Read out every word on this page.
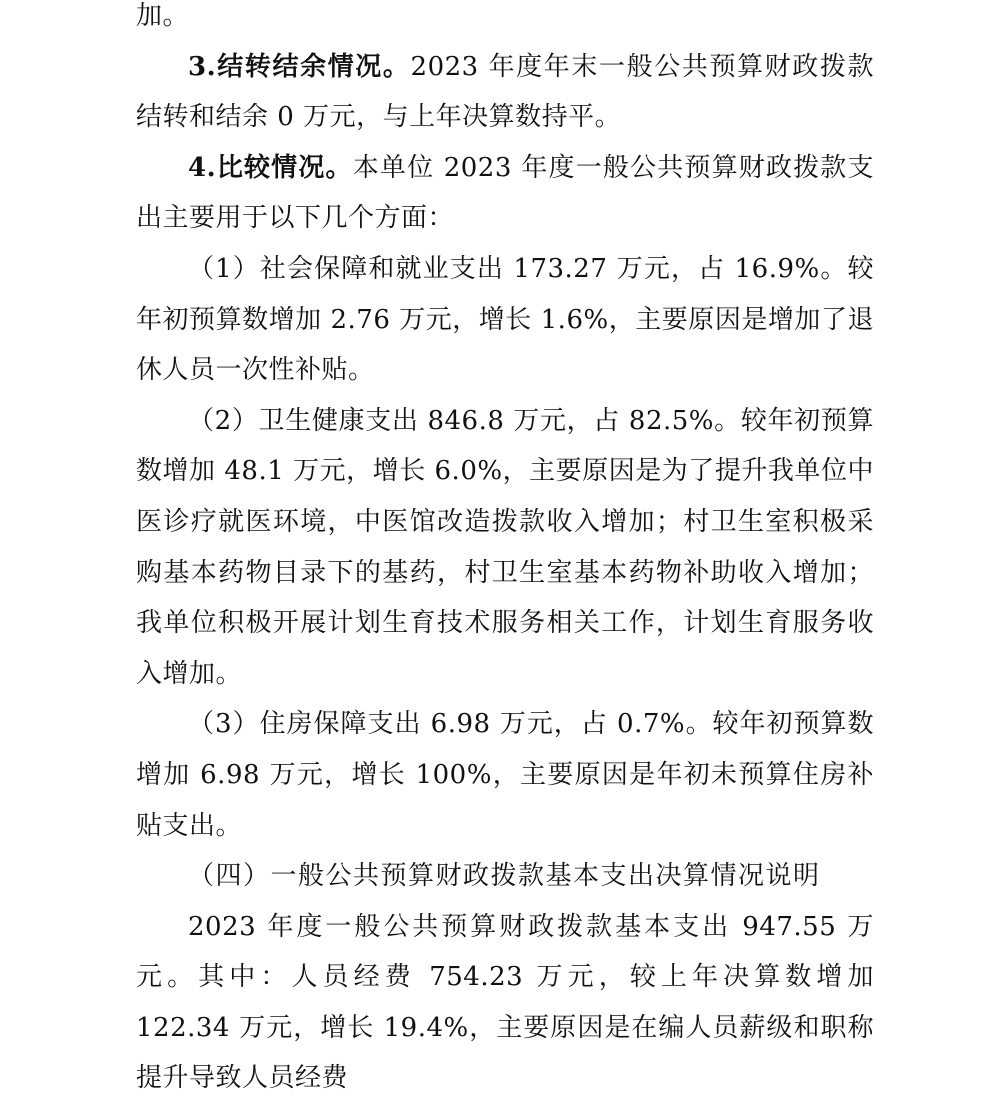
加。

3.结转结余情况。2023 年度年末一般公共预算财政拨款结转和结余 0 万元，与上年决算数持平。

4.比较情况。本单位 2023 年度一般公共预算财政拨款支出主要用于以下几个方面：

（1）社会保障和就业支出 173.27 万元，占 16.9%。较年初预算数增加 2.76 万元，增长 1.6%，主要原因是增加了退休人员一次性补贴。

（2）卫生健康支出 846.8 万元，占 82.5%。较年初预算数增加 48.1 万元，增长 6.0%，主要原因是为了提升我单位中医诊疗就医环境，中医馆改造拨款收入增加；村卫生室积极采购基本药物目录下的基药，村卫生室基本药物补助收入增加；我单位积极开展计划生育技术服务相关工作，计划生育服务收入增加。

（3）住房保障支出 6.98 万元，占 0.7%。较年初预算数增加 6.98 万元，增长 100%，主要原因是年初未预算住房补贴支出。

（四）一般公共预算财政拨款基本支出决算情况说明

2023 年度一般公共预算财政拨款基本支出 947.55 万元。其中：人员经费 754.23 万元，较上年决算数增加 122.34 万元，增长 19.4%，主要原因是在编人员薪级和职称提升导致人员经费
